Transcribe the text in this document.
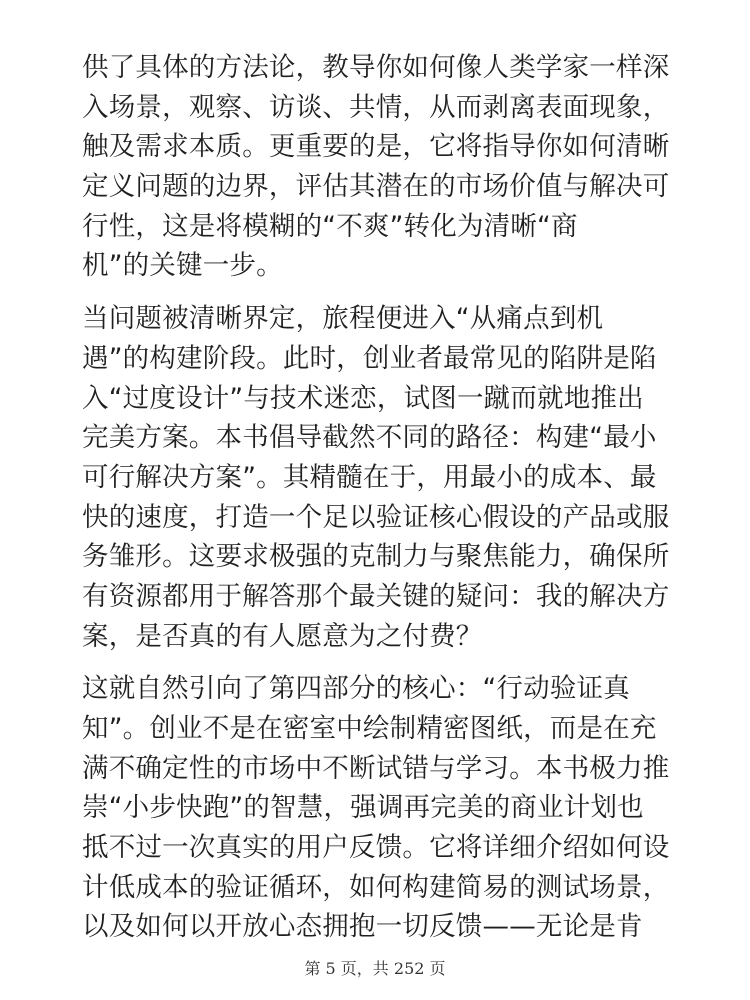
供了具体的方法论，教导你如何像人类学家一样深
入场景，观察、访谈、共情，从而剥离表面现象，
触及需求本质。更重要的是，它将指导你如何清晰
定义问题的边界，评估其潜在的市场价值与解决可
行性，这是将模糊的“不爽”转化为清晰“商
机”的关键一步。
当问题被清晰界定，旅程便进入“从痛点到机
遇”的构建阶段。此时，创业者最常见的陷阱是陷
入“过度设计”与技术迷恋，试图一蹴而就地推出
完美方案。本书倡导截然不同的路径：构建“最小
可行解决方案”。其精髓在于，用最小的成本、最
快的速度，打造一个足以验证核心假设的产品或服
务雏形。这要求极强的克制力与聚焦能力，确保所
有资源都用于解答那个最关键的疑问：我的解决方
案，是否真的有人愿意为之付费？
这就自然引向了第四部分的核心：“行动验证真
知”。创业不是在密室中绘制精密图纸，而是在充
满不确定性的市场中不断试错与学习。本书极力推
崇“小步快跑”的智慧，强调再完美的商业计划也
抵不过一次真实的用户反馈。它将详细介绍如何设
计低成本的验证循环，如何构建简易的测试场景，
以及如何以开放心态拥抱一切反馈——无论是肯
第 5 页，共 252 页
